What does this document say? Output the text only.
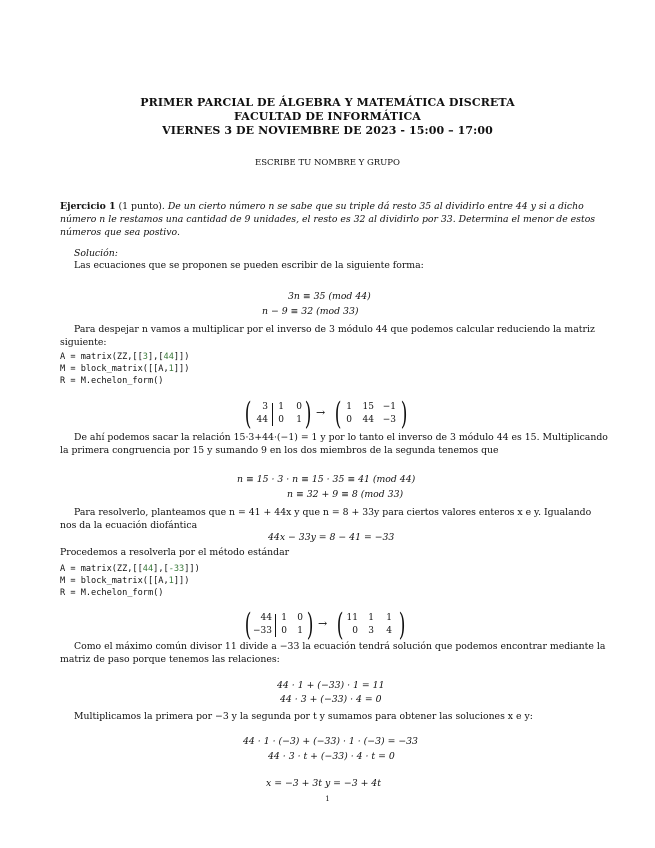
PRIMER PARCIAL DE ÁLGEBRA Y MATEMÁTICA DISCRETA
FACULTAD DE INFORMÁTICA
VIERNES 3 DE NOVIEMBRE DE 2023 - 15:00 – 17:00
ESCRIBE TU NOMBRE Y GRUPO
Ejercicio 1 (1 punto). De un cierto número n se sabe que su triple dá resto 35 al dividirlo entre 44 y si a dicho
número n le restamos una cantidad de 9 unidades, el resto es 32 al dividirlo por 33. Determina el menor de estos
números que sea postivo.
Solución:
Las ecuaciones que se proponen se pueden escribir de la siguiente forma:
3n ≡ 35 (mod 44)
n − 9 ≡ 32 (mod 33)
Para despejar n vamos a multiplicar por el inverso de 3 módulo 44 que podemos calcular reduciendo la matriz
siguiente:
A = matrix(ZZ,[[3],[44]])
M = block_matrix([[A,1]])
R = M.echelon_form()
(	3
44
1
0
0
1 ) → ( 1
0
15
44
−1
−3 )
De ahí podemos sacar la relación 15·3+44·(−1) = 1 y por lo tanto el inverso de 3 módulo 44 es 15. Multiplicando
la primera congruencia por 15 y sumando 9 en los dos miembros de la segunda tenemos que
n ≡ 15 · 3 · n ≡ 15 · 35 ≡ 41 (mod 44)
n ≡ 32 + 9 ≡ 8 (mod 33)
Para resolverlo, planteamos que n = 41 + 44x y que n = 8 + 33y para ciertos valores enteros x e y. Igualando
nos da la ecuación diofántica
44x − 33y = 8 − 41 = −33
Procedemos a resolverla por el método estándar
A = matrix(ZZ,[[44],[-33]])
M = block_matrix([[A,1]])
R = M.echelon_form()
(	44
−33
1
0
0
1 ) → ( 11
0
1
3
1
4 )
Como el máximo común divisor 11 divide a −33 la ecuación tendrá solución que podemos encontrar mediante la
matriz de paso porque tenemos las relaciones:
44 · 1 + (−33) · 1 = 11
44 · 3 + (−33) · 4 = 0
Multiplicamos la primera por −3 y la segunda por t y sumamos para obtener las soluciones x e y:
44 · 1 · (−3) + (−33) · 1 · (−3) = −33
44 · 3 · t + (−33) · 4 · t = 0
x = −3 + 3t y = −3 + 4t
1
